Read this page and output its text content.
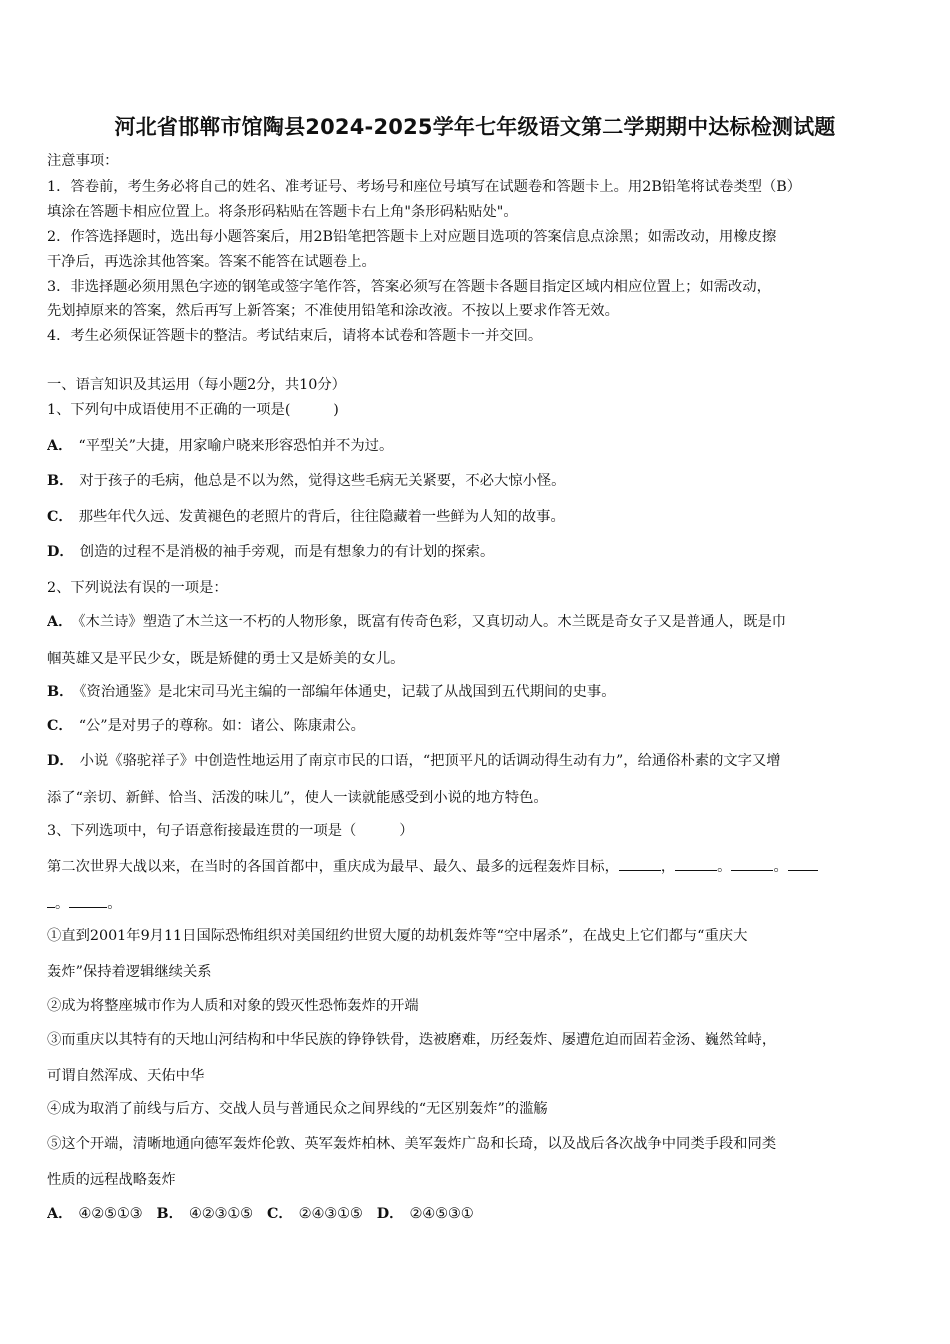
河北省邯郸市馆陶县2024-2025学年七年级语文第二学期期中达标检测试题
注意事项：
1．答卷前，考生务必将自己的姓名、准考证号、考场号和座位号填写在试题卷和答题卡上。用2B铅笔将试卷类型（B）
填涂在答题卡相应位置上。将条形码粘贴在答题卡右上角"条形码粘贴处"。
2．作答选择题时，选出每小题答案后，用2B铅笔把答题卡上对应题目选项的答案信息点涂黑；如需改动，用橡皮擦
干净后，再选涂其他答案。答案不能答在试题卷上。
3．非选择题必须用黑色字迹的钢笔或签字笔作答，答案必须写在答题卡各题目指定区域内相应位置上；如需改动，
先划掉原来的答案，然后再写上新答案；不准使用铅笔和涂改液。不按以上要求作答无效。
4．考生必须保证答题卡的整洁。考试结束后，请将本试卷和答题卡一并交回。
一、语言知识及其运用（每小题2分，共10分）
1、下列句中成语使用不正确的一项是(　　　)
A． “平型关”大捷，用家喻户晓来形容恐怕并不为过。
B． 对于孩子的毛病，他总是不以为然，觉得这些毛病无关紧要，不必大惊小怪。
C． 那些年代久远、发黄褪色的老照片的背后，往往隐藏着一些鲜为人知的故事。
D． 创造的过程不是消极的袖手旁观，而是有想象力的有计划的探索。
2、下列说法有误的一项是：
A． 《木兰诗》塑造了木兰这一不朽的人物形象，既富有传奇色彩，又真切动人。木兰既是奇女子又是普通人，既是巾
帼英雄又是平民少女，既是矫健的勇士又是娇美的女儿。
B． 《资治通鉴》是北宋司马光主编的一部编年体通史，记载了从战国到五代期间的史事。
C． “公”是对男子的尊称。如：诸公、陈康肃公。
D． 小说《骆驼祥子》中创造性地运用了南京市民的口语，“把顶平凡的话调动得生动有力”，给通俗朴素的文字又增
添了“亲切、新鲜、恰当、活泼的味儿”，使人一读就能感受到小说的地方特色。
3、下列选项中，句子语意衔接最连贯的一项是（　　　）
第二次世界大战以来，在当时的各国首都中，重庆成为最早、最久、最多的远程轰炸目标，	，	。	。
。	。
①直到2001年9月11日国际恐怖组织对美国纽约世贸大厦的劫机轰炸等“空中屠杀”，在战史上它们都与“重庆大
轰炸”保持着逻辑继续关系
②成为将整座城市作为人质和对象的毁灭性恐怖轰炸的开端
③而重庆以其特有的天地山河结构和中华民族的铮铮铁骨，迭被磨难，历经轰炸、屡遭危迫而固若金汤、巍然耸峙，
可谓自然浑成、天佑中华
④成为取消了前线与后方、交战人员与普通民众之间界线的“无区别轰炸”的滥觞
⑤这个开端，清晰地通向德军轰炸伦敦、英军轰炸柏林、美军轰炸广岛和长琦，以及战后各次战争中同类手段和同类
性质的远程战略轰炸
A． ④②⑤①③ B． ④②③①⑤ C． ②④③①⑤ D． ②④⑤③①
